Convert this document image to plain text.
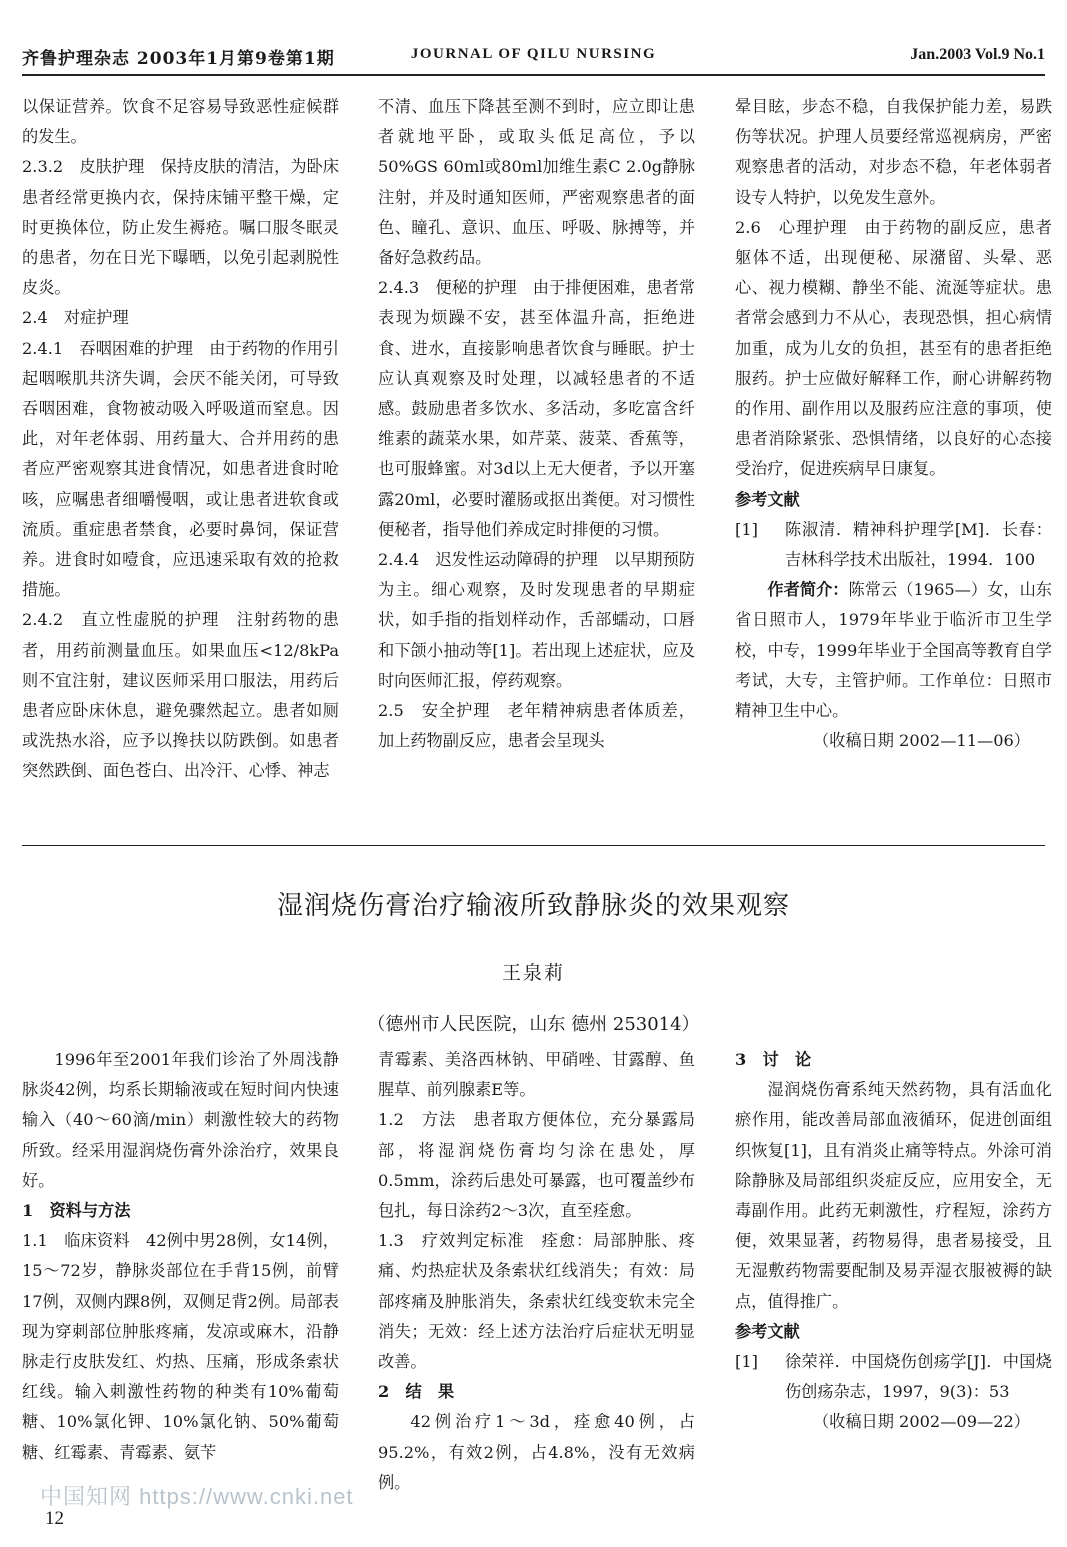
齐鲁护理杂志 2003年1月第9卷第1期	JOURNAL OF QILU NURSING	Jan.2003 Vol.9 No.1

以保证营养。饮食不足容易导致恶性症候群的发生。

2.3.2　皮肤护理　保持皮肤的清洁，为卧床患者经常更换内衣，保持床铺平整干燥，定时更换体位，防止发生褥疮。嘱口服冬眠灵的患者，勿在日光下曝晒，以免引起剥脱性皮炎。

2.4　对症护理

2.4.1　吞咽困难的护理　由于药物的作用引起咽喉肌共济失调，会厌不能关闭，可导致吞咽困难，食物被动吸入呼吸道而窒息。因此，对年老体弱、用药量大、合并用药的患者应严密观察其进食情况，如患者进食时呛咳，应嘱患者细嚼慢咽，或让患者进软食或流质。重症患者禁食，必要时鼻饲，保证营养。进食时如噎食，应迅速采取有效的抢救措施。

2.4.2　直立性虚脱的护理　注射药物的患者，用药前测量血压。如果血压<12/8kPa则不宜注射，建议医师采用口服法，用药后患者应卧床休息，避免骤然起立。患者如厕或洗热水浴，应予以搀扶以防跌倒。如患者突然跌倒、面色苍白、出冷汗、心悸、神志

不清、血压下降甚至测不到时，应立即让患者就地平卧，或取头低足高位，予以50%GS 60ml或80ml加维生素C 2.0g静脉注射，并及时通知医师，严密观察患者的面色、瞳孔、意识、血压、呼吸、脉搏等，并备好急救药品。

2.4.3　便秘的护理　由于排便困难，患者常表现为烦躁不安，甚至体温升高，拒绝进食、进水，直接影响患者饮食与睡眠。护士应认真观察及时处理，以减轻患者的不适感。鼓励患者多饮水、多活动，多吃富含纤维素的蔬菜水果，如芹菜、菠菜、香蕉等，也可服蜂蜜。对3d以上无大便者，予以开塞露20ml，必要时灌肠或抠出粪便。对习惯性便秘者，指导他们养成定时排便的习惯。

2.4.4　迟发性运动障碍的护理　以早期预防为主。细心观察，及时发现患者的早期症状，如手指的指划样动作，舌部蠕动，口唇和下颌小抽动等[1]。若出现上述症状，应及时向医师汇报，停药观察。

2.5　安全护理　老年精神病患者体质差，加上药物副反应，患者会呈现头

晕目眩，步态不稳，自我保护能力差，易跌伤等状况。护理人员要经常巡视病房，严密观察患者的活动，对步态不稳，年老体弱者设专人特护，以免发生意外。

2.6　心理护理　由于药物的副反应，患者躯体不适，出现便秘、尿潴留、头晕、恶心、视力模糊、静坐不能、流涎等症状。患者常会感到力不从心，表现恐惧，担心病情加重，成为儿女的负担，甚至有的患者拒绝服药。护士应做好解释工作，耐心讲解药物的作用、副作用以及服药应注意的事项，使患者消除紧张、恐惧情绪，以良好的心态接受治疗，促进疾病早日康复。

参考文献

[1]	陈淑清．精神科护理学[M]．长春：吉林科学技术出版社，1994．100

作者简介：陈常云（1965—）女，山东省日照市人，1979年毕业于临沂市卫生学校，中专，1999年毕业于全国高等教育自学考试，大专，主管护师。工作单位：日照市精神卫生中心。

（收稿日期 2002—11—06）

湿润烧伤膏治疗输液所致静脉炎的效果观察
王泉莉
（德州市人民医院，山东 德州 253014）

1996年至2001年我们诊治了外周浅静脉炎42例，均系长期输液或在短时间内快速输入（40～60滴/min）刺激性较大的药物所致。经采用湿润烧伤膏外涂治疗，效果良好。

1　资料与方法

1.1　临床资料　42例中男28例，女14例，15～72岁，静脉炎部位在手背15例，前臂17例，双侧内踝8例，双侧足背2例。局部表现为穿刺部位肿胀疼痛，发凉或麻木，沿静脉走行皮肤发红、灼热、压痛，形成条索状红线。输入刺激性药物的种类有10%葡萄糖、10%氯化钾、10%氯化钠、50%葡萄糖、红霉素、青霉素、氨苄

青霉素、美洛西林钠、甲硝唑、甘露醇、鱼腥草、前列腺素E等。

1.2　方法　患者取方便体位，充分暴露局部，将湿润烧伤膏均匀涂在患处，厚0.5mm，涂药后患处可暴露，也可覆盖纱布包扎，每日涂药2～3次，直至痊愈。

1.3　疗效判定标准　痊愈：局部肿胀、疼痛、灼热症状及条索状红线消失；有效：局部疼痛及肿胀消失，条索状红线变软未完全消失；无效：经上述方法治疗后症状无明显改善。

2　结　果

42例治疗1～3d，痊愈40例，占95.2%，有效2例，占4.8%，没有无效病例。

3　讨　论

湿润烧伤膏系纯天然药物，具有活血化瘀作用，能改善局部血液循环，促进创面组织恢复[1]，且有消炎止痛等特点。外涂可消除静脉及局部组织炎症反应，应用安全，无毒副作用。此药无刺激性，疗程短，涂药方便，效果显著，药物易得，患者易接受，且无湿敷药物需要配制及易弄湿衣服被褥的缺点，值得推广。

参考文献

[1]	徐荣祥．中国烧伤创疡学[J]．中国烧伤创疡杂志，1997，9(3)：53

（收稿日期 2002—09—22）

中国知网 https://www.cnki.net
12
